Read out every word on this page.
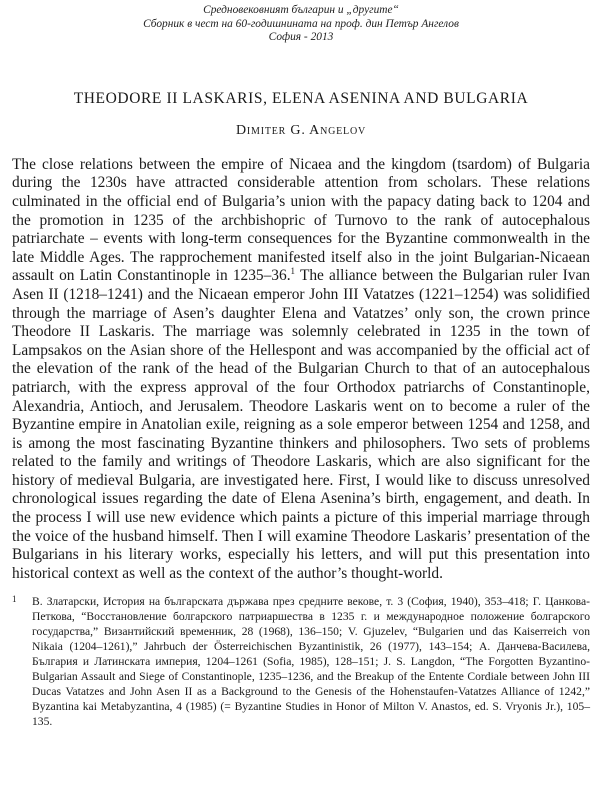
Средновековният българин и „другите“
Сборник в чест на 60-годишнината на проф. дин Петър Ангелов
София - 2013
THEODORE II LASKARIS, ELENA ASENINA AND BULGARIA
Dimiter G. Angelov

The close relations between the empire of Nicaea and the kingdom (tsardom) of Bulgaria during the 1230s have attracted considerable attention from scholars. These relations culminated in the official end of Bulgaria’s union with the papacy dating back to 1204 and the promotion in 1235 of the archbishopric of Turnovo to the rank of autocephalous patriarchate – events with long-term consequences for the Byzantine commonwealth in the late Middle Ages. The rapprochement manifested itself also in the joint Bulgarian-Nicaean assault on Latin Constantinople in 1235–36.$^1$ The alliance between the Bulgarian ruler Ivan Asen II (1218–1241) and the Nicaean emperor John III Vatatzes (1221–1254) was solidified through the marriage of Asen’s daughter Elena and Vatatzes’ only son, the crown prince Theodore II Laskaris. The marriage was solemnly celebrated in 1235 in the town of Lampsakos on the Asian shore of the Hellespont and was accompanied by the official act of the elevation of the rank of the head of the Bulgarian Church to that of an autocephalous patriarch, with the express approval of the four Orthodox patriarchs of Constantinople, Alexandria, Antioch, and Jerusalem. Theodore Laskaris went on to become a ruler of the Byzantine empire in Anatolian exile, reigning as a sole emperor between 1254 and 1258, and is among the most fascinating Byzantine thinkers and philosophers. Two sets of problems related to the family and writings of Theodore Laskaris, which are also significant for the history of medieval Bulgaria, are investigated here. First, I would like to discuss unresolved chronological issues regarding the date of Elena Asenina’s birth, engagement, and death. In the process I will use new evidence which paints a picture of this imperial marriage through the voice of the husband himself. Then I will examine Theodore Laskaris’ presentation of the Bulgarians in his literary works, especially his letters, and will put this presentation into historical context as well as the context of the author’s thought-world.

1 В. Златарски, История на българската държава през средните векове, т. 3 (София, 1940), 353–418; Г. Цанкова-Петкова, “Восстановление болгарского патриаршества в 1235 г. и международное положение болгарского государства,” Византийский временник, 28 (1968), 136–150; V. Gjuzelev, “Bulgarien und das Kaiserreich von Nikaia (1204–1261),” Jahrbuch der Österreichischen Byzantinistik, 26 (1977), 143–154; А. Данчева-Василева, България и Латинската империя, 1204–1261 (Sofia, 1985), 128–151; J. S. Langdon, “The Forgotten Byzantino-Bulgarian Assault and Siege of Constantinople, 1235–1236, and the Breakup of the Entente Cordiale between John III Ducas Vatatzes and John Asen II as a Background to the Genesis of the Hohenstaufen-Vatatzes Alliance of 1242,” Byzantina kai Metabyzantina, 4 (1985) (= Byzantine Studies in Honor of Milton V. Anastos, ed. S. Vryonis Jr.), 105–135.
